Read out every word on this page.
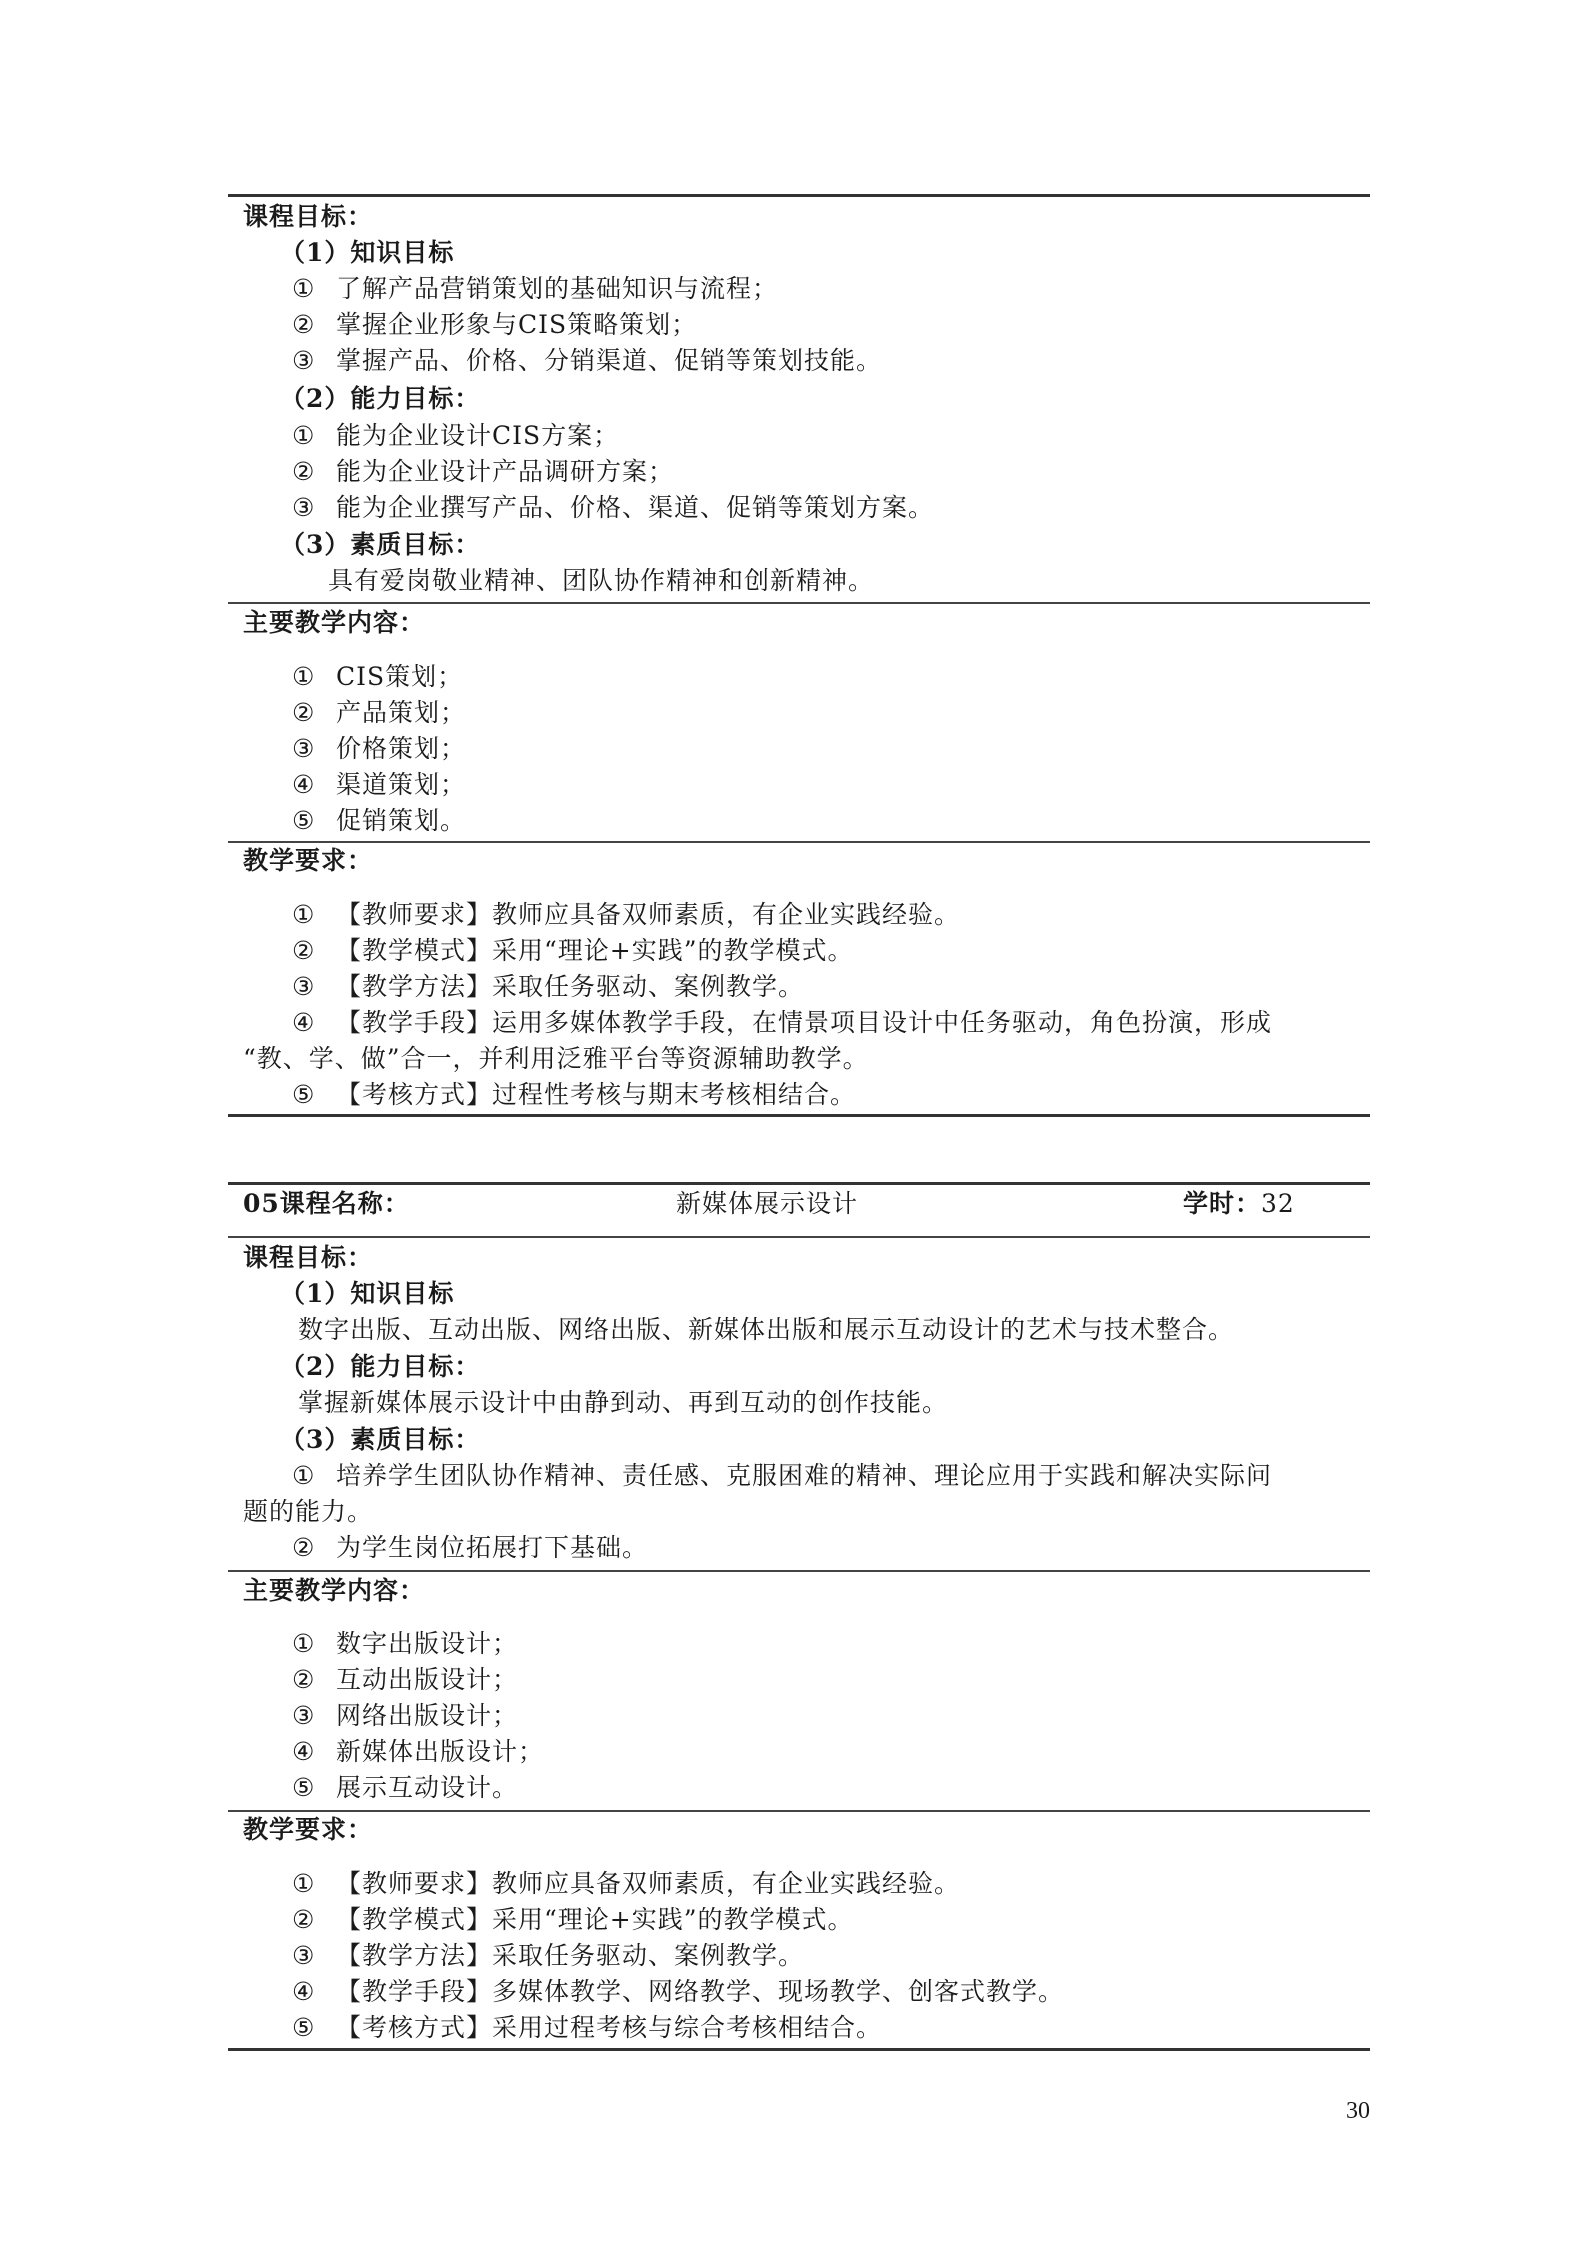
课程目标：
（1）知识目标
① 了解产品营销策划的基础知识与流程；
② 掌握企业形象与CIS策略策划；
③ 掌握产品、价格、分销渠道、促销等策划技能。
（2）能力目标：
① 能为企业设计CIS方案；
② 能为企业设计产品调研方案；
③ 能为企业撰写产品、价格、渠道、促销等策划方案。
（3）素质目标：
具有爱岗敬业精神、团队协作精神和创新精神。
主要教学内容：
① CIS策划；
② 产品策划；
③ 价格策划；
④ 渠道策划；
⑤ 促销策划。
教学要求：
① 【教师要求】教师应具备双师素质，有企业实践经验。
② 【教学模式】采用“理论+实践”的教学模式。
③ 【教学方法】采取任务驱动、案例教学。
④ 【教学手段】运用多媒体教学手段，在情景项目设计中任务驱动，角色扮演，形成
“教、学、做”合一，并利用泛雅平台等资源辅助教学。
⑤ 【考核方式】过程性考核与期末考核相结合。
05课程名称：	新媒体展示设计	学时：32
课程目标：
（1）知识目标
数字出版、互动出版、网络出版、新媒体出版和展示互动设计的艺术与技术整合。
（2）能力目标：
掌握新媒体展示设计中由静到动、再到互动的创作技能。
（3）素质目标：
① 培养学生团队协作精神、责任感、克服困难的精神、理论应用于实践和解决实际问
题的能力。
② 为学生岗位拓展打下基础。
主要教学内容：
① 数字出版设计；
② 互动出版设计；
③ 网络出版设计；
④ 新媒体出版设计；
⑤ 展示互动设计。
教学要求：
① 【教师要求】教师应具备双师素质，有企业实践经验。
② 【教学模式】采用“理论+实践”的教学模式。
③ 【教学方法】采取任务驱动、案例教学。
④ 【教学手段】多媒体教学、网络教学、现场教学、创客式教学。
⑤ 【考核方式】采用过程考核与综合考核相结合。
30
